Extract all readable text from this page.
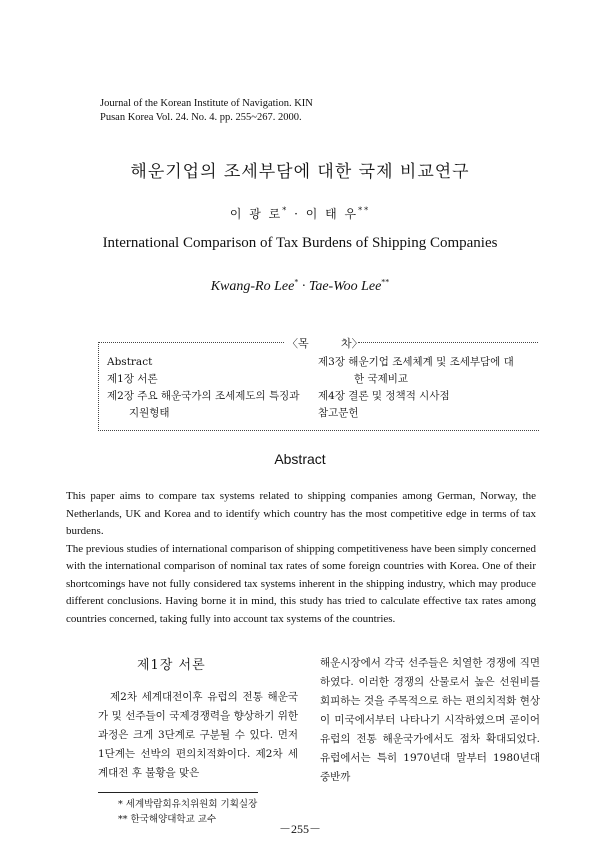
Journal of the Korean Institute of Navigation. KIN
Pusan Korea Vol. 24. No. 4. pp. 255~267. 2000.
해운기업의 조세부담에 대한 국제 비교연구
이 광 로* · 이 태 우**
International Comparison of Tax Burdens of Shipping Companies
Kwang-Ro Lee* · Tae-Woo Lee**
〈목	차〉
Abstract
제1장 서론
제2장 주요 해운국가의 조세제도의 특징과
지원형태
제3장 해운기업 조세체계 및 조세부담에 대
한 국제비교
제4장 결론 및 정책적 시사점
참고문헌
Abstract

This paper aims to compare tax systems related to shipping companies among German, Norway, the Netherlands, UK and Korea and to identify which country has the most competitive edge in terms of tax burdens.

The previous studies of international comparison of shipping competitiveness have been simply concerned with the international comparison of nominal tax rates of some foreign countries with Korea. One of their shortcomings have not fully considered tax systems inherent in the shipping industry, which may produce different conclusions. Having borne it in mind, this study has tried to calculate effective tax rates among countries concerned, taking fully into account tax systems of the countries.

제1장 서론

제2차 세계대전이후 유럽의 전통 해운국가 및 선주들이 국제경쟁력을 향상하기 위한 과정은 크게 3단계로 구분될 수 있다. 먼저 1단계는 선박의 편의치적화이다. 제2차 세계대전 후 불황을 맞은

해운시장에서 각국 선주들은 치열한 경쟁에 직면하였다. 이러한 경쟁의 산물로서 높은 선원비를 회피하는 것을 주목적으로 하는 편의치적화 현상이 미국에서부터 나타나기 시작하였으며 곧이어 유럽의 전통 해운국가에서도 점차 확대되었다. 유럽에서는 특히 1970년대 말부터 1980년대 중반까

* 세계박람회유치위원회 기획실장
** 한국해양대학교 교수
－255－
